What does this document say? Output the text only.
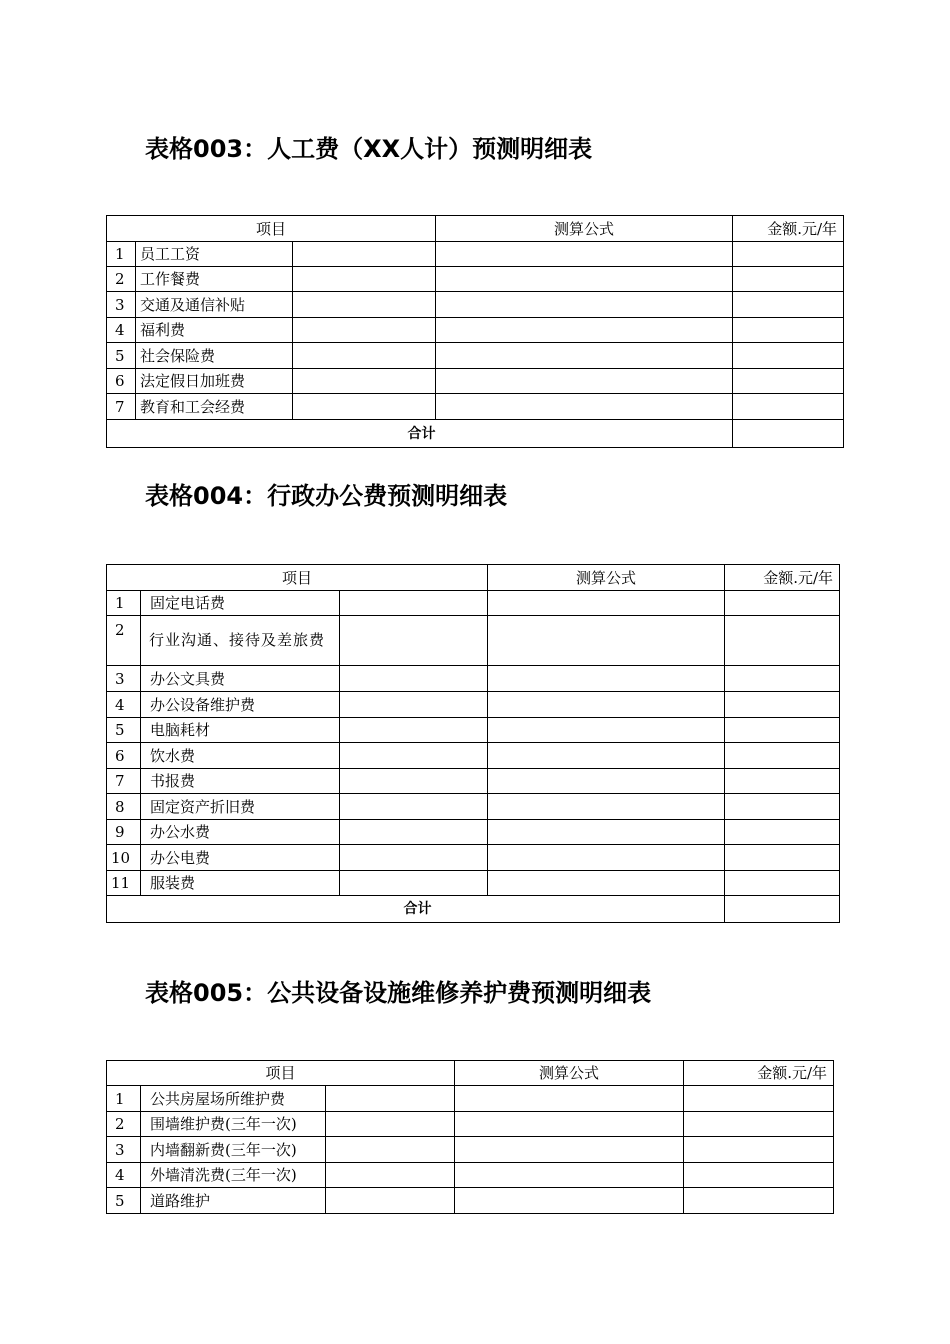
表格003：人工费（XX人计）预测明细表
项目			测算公式	金额.元/年
1	员工工资			
2	工作餐费			
3	交通及通信补贴			
4	福利费			
5	社会保险费			
6	法定假日加班费			
7	教育和工会经费			
合计				
表格004：行政办公费预测明细表
项目			测算公式	金额.元/年
1	固定电话费			
2	行业沟通、接待及差旅费			
3	办公文具费			
4	办公设备维护费			
5	电脑耗材			
6	饮水费			
7	书报费			
8	固定资产折旧费			
9	办公水费			
10	办公电费			
11	服装费			
合计				
表格005：公共设备设施维修养护费预测明细表
项目			测算公式	金额.元/年
1	公共房屋场所维护费			
2	围墙维护费(三年一次)			
3	内墙翻新费(三年一次)			
4	外墙清洗费(三年一次)			
5	道路维护			
